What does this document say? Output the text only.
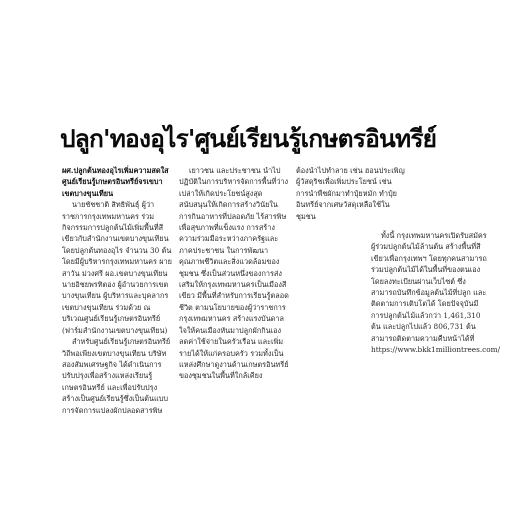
ปลูก'ทองอุไร'ศูนย์เรียนรู้เกษตรอินทรีย์

ผศ.ปลูกต้นทองอุไรเพิ่มความสดใส ศูนย์เรียนรู้เกษตรอินทรีย์จรเขบาเขตบางขุนเทียน

นายชัชชาติ สิทธิพันธุ์ ผู้ว่าราชการกรุงเทพมหานคร ร่วมกิจกรรมการปลูกต้นไม้เพิ่มพื้นที่สีเขียวกับสำนักงานเขตบางขุนเทียน โดยปลูกต้นทองอุไร จำนวน 30 ต้น โดยมีผู้บริหารกรุงเทพมหานคร ผายสาวัน ม่วงศรี ผอ.เขตบางขุนเทียน นายอิชยพรทิตอง ผู้อำนวยการเขตบางขุนเทียน ผู้บริหารและบุคลากรเขตบางขุนเทียน ร่วมด้วย ณ บริเวณศูนย์เรียนรู้เกษตรอินทรีย์ (ฟาร์มสำนักงานเขตบางขุนเทียน)

สำหรับศูนย์เรียนรู้เกษตรอินทรีย์วิถีพอเพียงเขตบางขุนเทียน บริษัทสองสัมพเศรษฐกิจ ได้ดำเนินการปรับปรุงเพื่อสร้างแหล่งเรียนรู้เกษตรอินทรีย์ และเพื่อปรับปรุงสร้างเป็นศูนย์เรียนรู้ซึ่งเป็นต้นแบบการจัดการแปลงผักปลอดสารพิษ

เยาวชน และประชาชน นำไปปฏิบัติในการบริหารจัดการพื้นที่ว่างเปล่าให้เกิดประโยชน์สูงสุด สนับสนุนให้เกิดการสร้างวินัยในการกินอาหารที่ปลอดภัย ไร้สารพิษ เพื่อสุขภาพที่แข็งแรง การสร้างความร่วมมือระหว่างภาครัฐและภาคประชาชน ในการพัฒนาคุณภาพชีวิตและสิ่งแวดล้อมของชุมชน ซึ่งเป็นส่วนหนึ่งของการส่งเสริมให้กรุงเทพมหานครเป็นเมืองสีเขียว มีพื้นที่สำหรับการเรียนรู้ตลอดชีวิต ตามนโยบายของผู้ว่าราชการกรุงเทพมหานคร สร้างแรงบันดาลใจให้คนเมืองหันมาปลูกผักกินเอง ลดค่าใช้จ่ายในครัวเรือน และเพิ่มรายได้ให้แก่ครอบครัว รวมทั้งเป็นแหล่งศึกษาดูงานด้านเกษตรอินทรีย์ของชุมชนในพื้นที่ใกล้เคียง

ต้องนำไปทำลาย เช่น ฮอนประเพิญผู้วัสดุริชเพื่อเพิ่มประโยชน์ เช่นการนำพืชผักมาทำปุ๋ยหมัก ทำปุ๋ยอินทรีย์จากเศษวัสดุเหลือใช้ในชุมชน

ทั้งนี้ กรุงเทพมหานครเปิดรับสมัครผู้ร่วมปลูกต้นไม้ล้านต้น สร้างพื้นที่สีเขียวเพื่อกรุงเทพฯ โดยทุกคนสามารถร่วมปลูกต้นไม้ได้ในพื้นที่ของตนเอง โดยลงทะเบียนผ่านเว็บไซต์ ซึ่งสามารถบันทึกข้อมูลต้นไม้ที่ปลูก และติดตามการเติบโตได้ โดยปัจจุบันมีการปลูกต้นไม้แล้วกว่า 1,461,310 ต้น และปลูกไปแล้ว 806,731 ต้น สามารถติดตามความคืบหน้าได้ที่ https://www.bkk1milliontrees.com/
